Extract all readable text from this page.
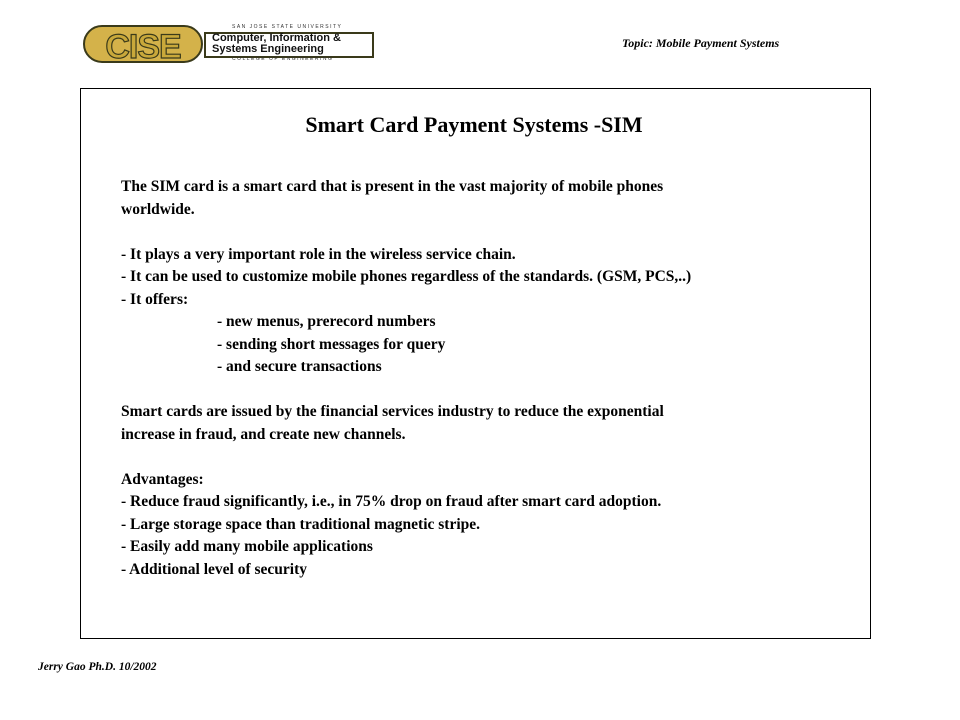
CISE
SAN JOSE STATE UNIVERSITY
Computer, Information &
Systems Engineering
COLLEGE OF ENGINEERING
Topic: Mobile Payment Systems
Smart Card Payment Systems -SIM

The SIM card is a smart card that is present in the vast majority of mobile phones

worldwide.

- It plays a very important role in the wireless service chain.

- It can be used to customize mobile phones regardless of the standards. (GSM, PCS,..)

- It offers:

- new menus, prerecord numbers

- sending short messages for query

- and secure transactions

Smart cards are issued by the financial services industry to reduce the exponential

increase in fraud, and create new channels.

Advantages:

- Reduce fraud significantly, i.e., in 75% drop on fraud after smart card adoption.

- Large storage space than traditional magnetic stripe.

- Easily add many mobile applications

- Additional level of security

Jerry Gao Ph.D. 10/2002
